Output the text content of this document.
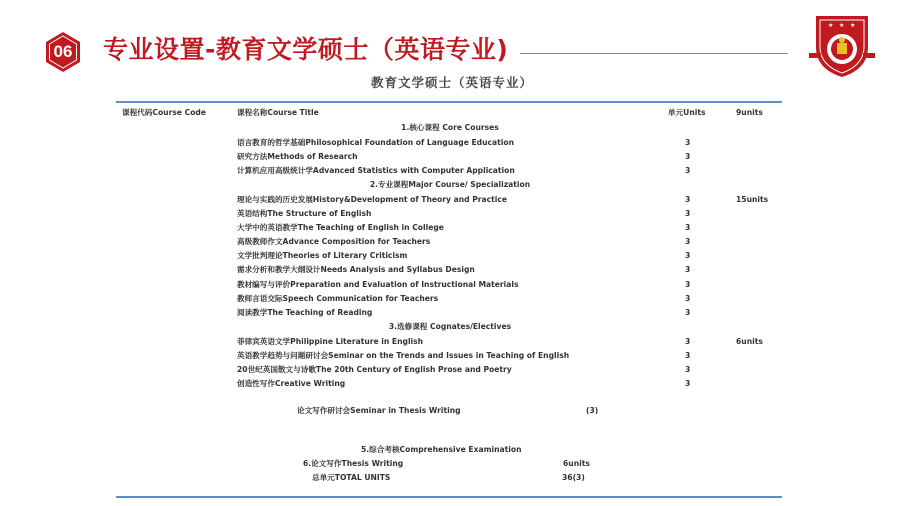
06	专业设置-教育文学硕士（英语专业)
★ ★ ★
教育文学硕士（英语专业）
课程代码Course Code	课程名称Course Title	单元Units	9units
1.核心课程 Core Courses
语言教育的哲学基础Philosophical Foundation of Language Education	3
研究方法Methods of Research	3
计算机应用高级统计学Advanced Statistics with Computer Application	3
2.专业课程Major Course/ Specialization
理论与实践的历史发展History&Development of Theory and Practice	3	15units
英语结构The Structure of English	3
大学中的英语教学The Teaching of English in College	3
高级教师作文Advance Composition for Teachers	3
文学批判理论Theories of Literary Criticism	3
需求分析和教学大纲设计Needs Analysis and Syllabus Design	3
教材编写与评价Preparation and Evaluation of Instructional Materials	3
教师言语交际Speech Communication for Teachers	3
阅读教学The Teaching of Reading	3
3.选修课程 Cognates/Electives
菲律宾英语文学Philippine Literature in English	3	6units
英语教学趋势与问题研讨会Seminar on the Trends and Issues in Teaching of English	3
20世纪英国散文与诗歌The 20th Century of English Prose and Poetry	3
创造性写作Creative Writing	3
论文写作研讨会Seminar in Thesis Writing	(3)
5.综合考核Comprehensive Examination
6.论文写作Thesis Writing	6units
总单元TOTAL UNITS	36(3)
